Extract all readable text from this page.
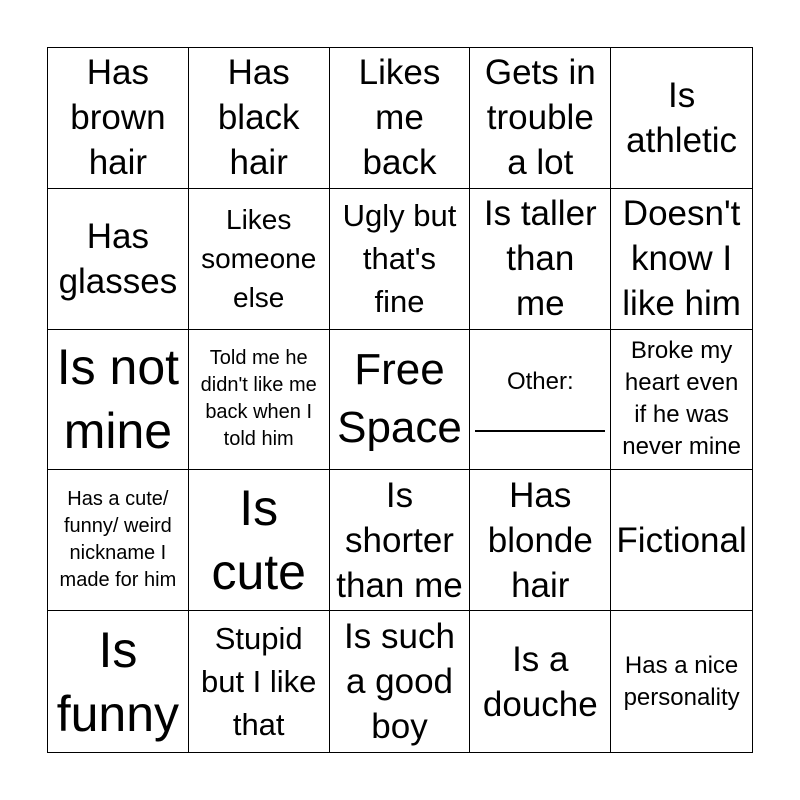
Has
brown
hair
Has
black
hair
Likes
me
back
Gets in
trouble
a lot
Is
athletic
Has
glasses
Likes
someone
else
Ugly but
that's
fine
Is taller
than
me
Doesn't
know I
like him
Is not
mine
Told me he
didn't like me
back when I
told him
Free
Space
Other:
Broke my
heart even
if he was
never mine
Has a cute/
funny/ weird
nickname I
made for him
Is
cute
Is
shorter
than me
Has
blonde
hair
Fictional
Is
funny
Stupid
but I like
that
Is such
a good
boy
Is a
douche
Has a nice
personality
